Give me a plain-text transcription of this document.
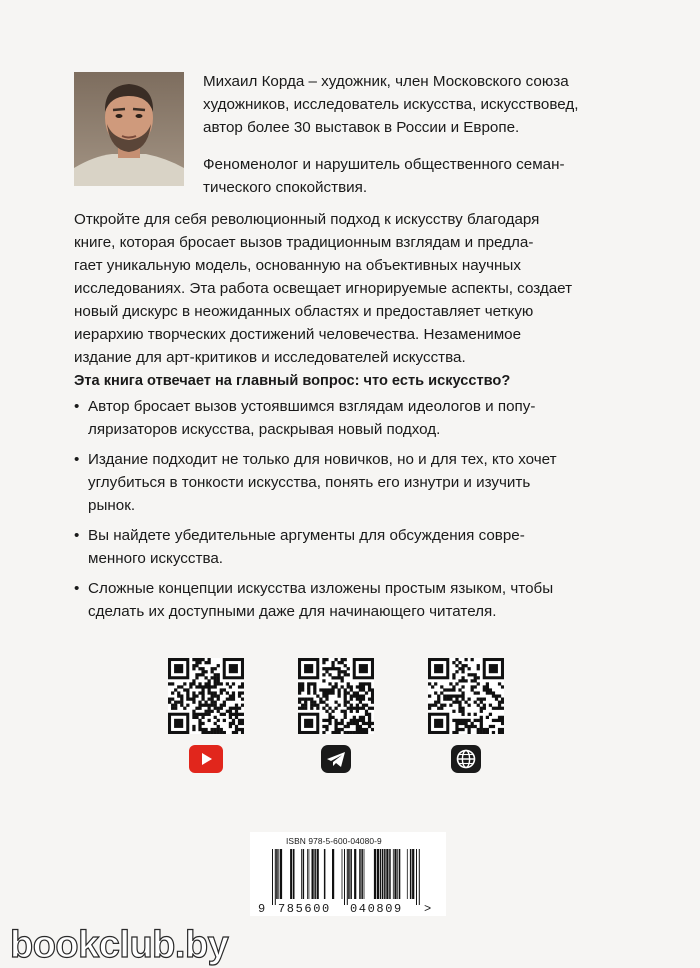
Михаил Корда – художник, член Московского союза
художников, исследователь искусства, искусствовед,
автор более 30 выставок в России и Европе.

Феноменолог и нарушитель общественного семан-
тического спокойствия.

Откройте для себя революционный подход к искусству благодаря
книге, которая бросает вызов традиционным взглядам и предла-
гает уникальную модель, основанную на объективных научных
исследованиях. Эта работа освещает игнорируемые аспекты, создает
новый дискурс в неожиданных областях и предоставляет четкую
иерархию творческих достижений человечества. Незаменимое
издание для арт-критиков и исследователей искусства.

Эта книга отвечает на главный вопрос: что есть искусство?
• Автор бросает вызов устоявшимся взглядам идеологов и попу-
ляризаторов искусства, раскрывая новый подход.
• Издание подходит не только для новичков, но и для тех, кто хочет
углубиться в тонкости искусства, понять его изнутри и изучить
рынок.
• Вы найдете убедительные аргументы для обсуждения совре-
менного искусства.
• Сложные концепции искусства изложены простым языком, чтобы
сделать их доступными даже для начинающего читателя.
ISBN 978-5-600-04080-9
9 785600 040809 >
bookclub.by
